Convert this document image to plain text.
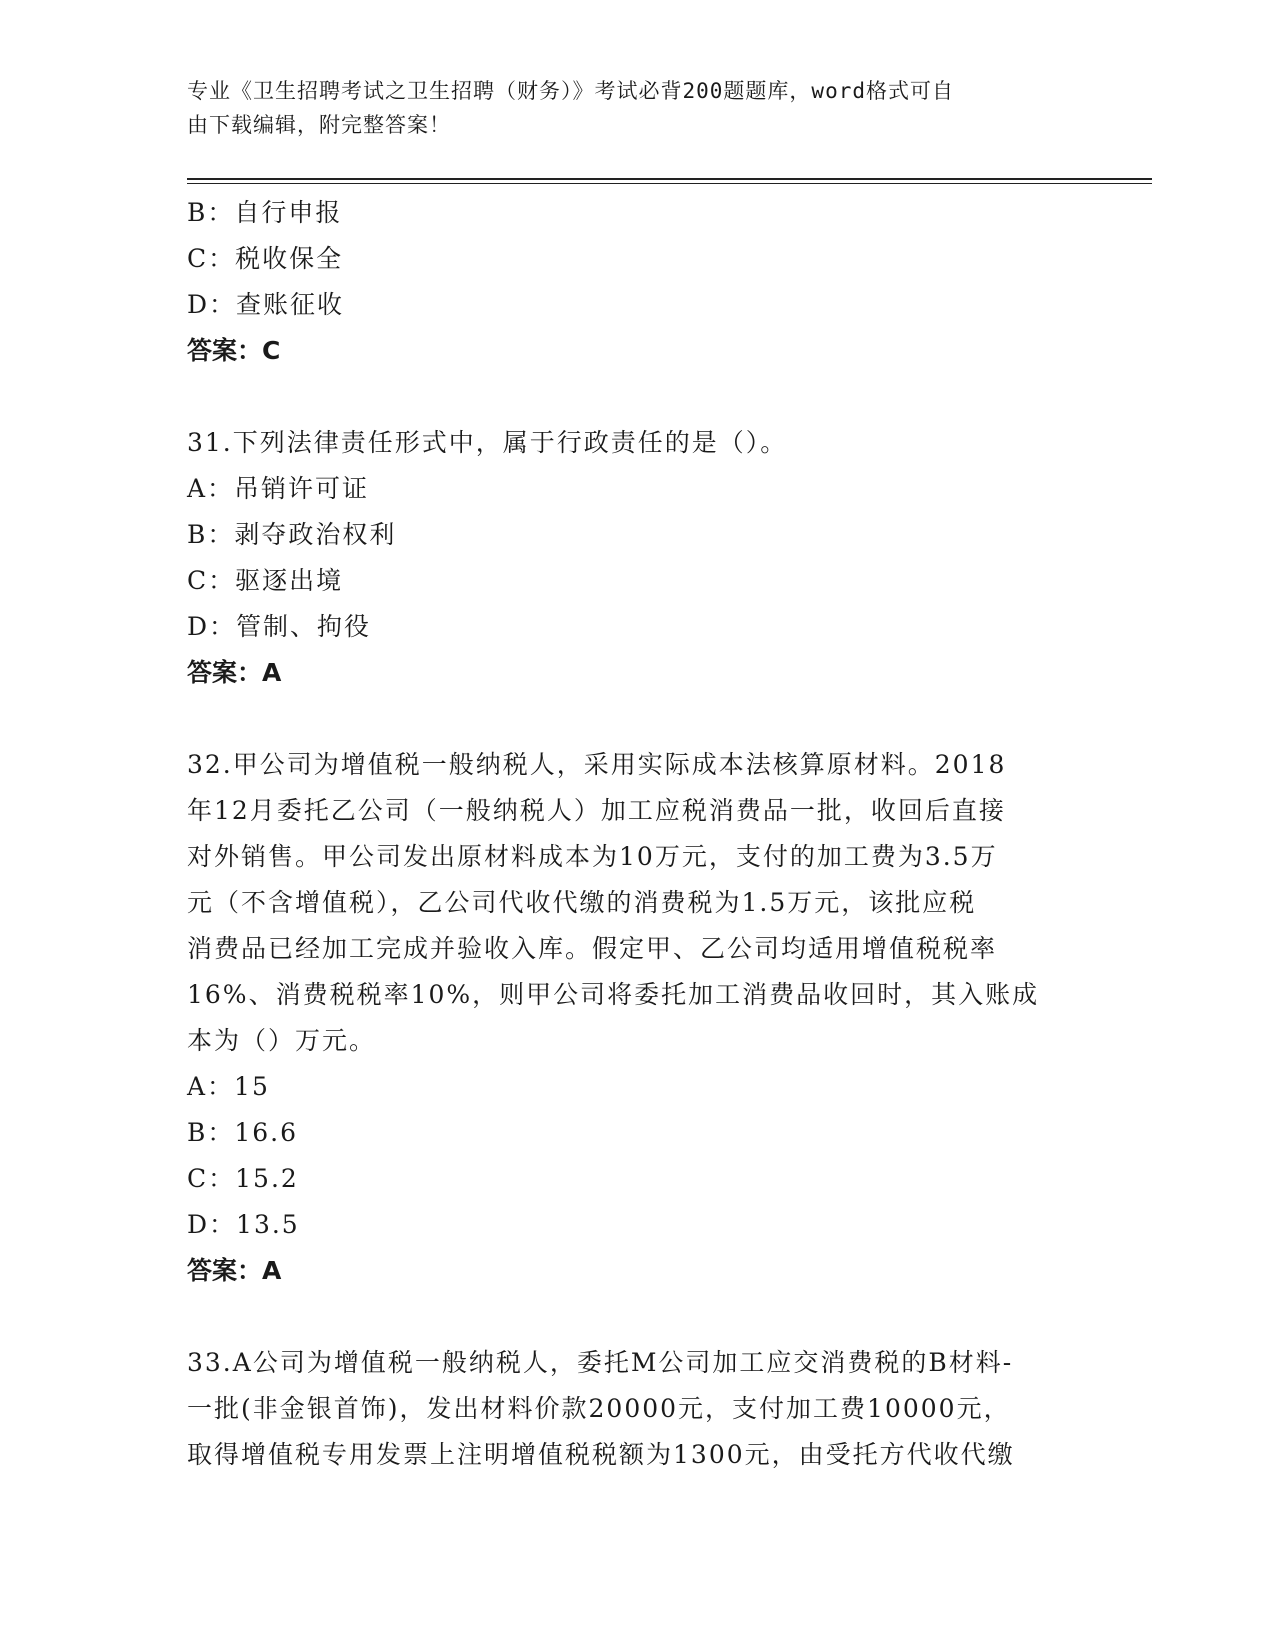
专业《卫生招聘考试之卫生招聘（财务）》考试必背200题题库，word格式可自
由下载编辑，附完整答案！
B：自行申报
C：税收保全
D：查账征收
答案：C
31.下列法律责任形式中，属于行政责任的是（）。
A：吊销许可证
B：剥夺政治权利
C：驱逐出境
D：管制、拘役
答案：A
32.甲公司为增值税一般纳税人，采用实际成本法核算原材料。2018
年12月委托乙公司（一般纳税人）加工应税消费品一批，收回后直接
对外销售。甲公司发出原材料成本为10万元，支付的加工费为3.5万
元（不含增值税），乙公司代收代缴的消费税为1.5万元，该批应税
消费品已经加工完成并验收入库。假定甲、乙公司均适用增值税税率
16%、消费税税率10%，则甲公司将委托加工消费品收回时，其入账成
本为（）万元。
A：15
B：16.6
C：15.2
D：13.5
答案：A
33.A公司为增值税一般纳税人，委托M公司加工应交消费税的B材料-
一批(非金银首饰)，发出材料价款20000元，支付加工费10000元，
取得增值税专用发票上注明增值税税额为1300元，由受托方代收代缴
